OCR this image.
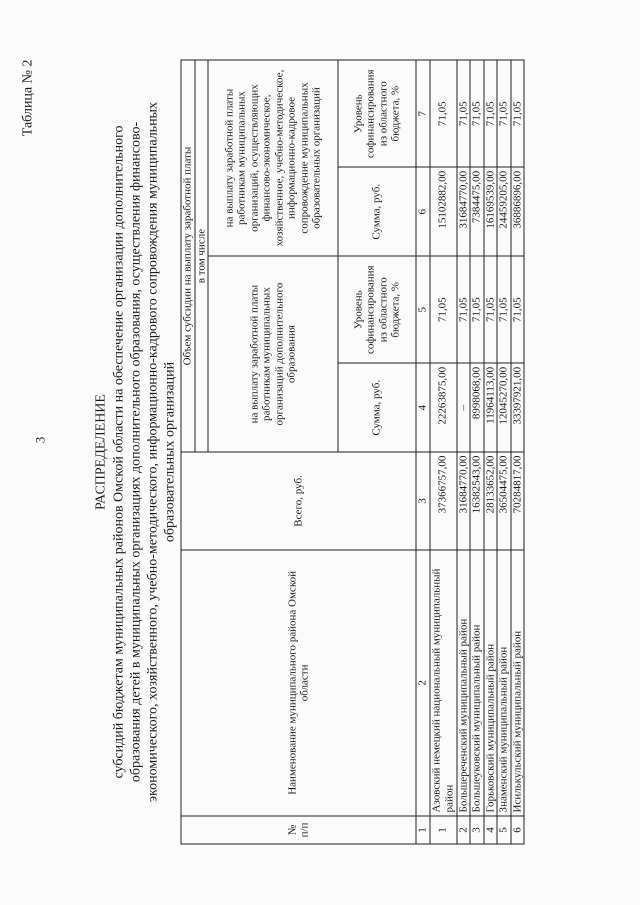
3
Таблица № 2
РАСПРЕДЕЛЕНИЕ субсидий бюджетам муниципальных районов Омской области на обеспечение организации дополнительного образования детей в муниципальных организациях дополнительного образования, осуществления финансово-экономического, хозяйственного, учебно-методического, информационно-кадрового сопровождения муниципальных образовательных организаций
№ п/п	Наименование муниципального района Омской области	Всего, руб.	Объем субсидии на выплату заработной платы			
			в том числе			
			на выплату заработной платы работникам муниципальных организаций дополнительного образования		на выплату заработной платы работникам муниципальных организаций, осуществляющих финансово-экономическое, хозяйственное, учебно-методическое, информационно-кадровое сопровождение муниципальных образовательных организаций	
			Сумма, руб.	Уровень софинансирования из областного бюджета, %	Сумма, руб.	Уровень софинансирования из областного бюджета, %
1	2	3	4	5	6	7
1	Азовский немецкий национальный муниципальный район	37366757,00	22263875,00	71,05	15102882,00	71,05
2	Большереченский муниципальный район	31684770,00	–	71,05	31684770,00	71,05
3	Большеуковский муниципальный район	16382543,00	8998068,00	71,05	7384475,00	71,05
4	Горьковский муниципальный район	28133652,00	11964113,00	71,05	16169539,00	71,05
5	Знаменский муниципальный район	36504475,00	12045270,00	71,05	24459205,00	71,05
6	Исилькульский муниципальный район	70284817,00	33397921,00	71,05	36886896,00	71,05
